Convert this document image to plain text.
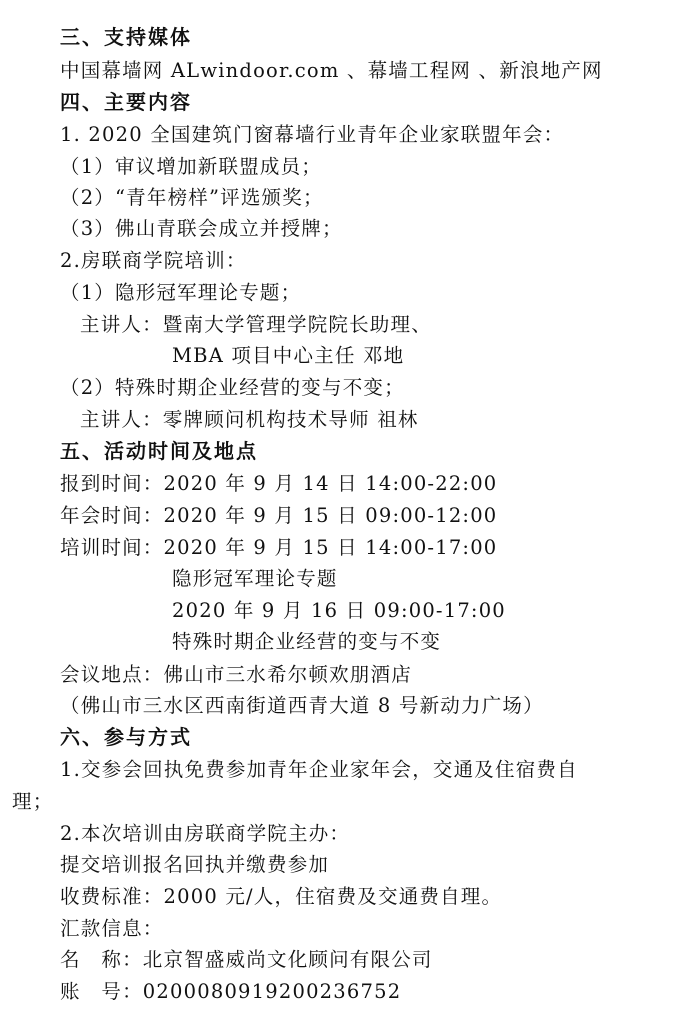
三、支持媒体
中国幕墙网 ALwindoor.com 、幕墙工程网 、新浪地产网
四、主要内容
1. 2020 全国建筑门窗幕墙行业青年企业家联盟年会：
（1）审议增加新联盟成员；
（2）“青年榜样”评选颁奖；
（3）佛山青联会成立并授牌；
2.房联商学院培训：
（1）隐形冠军理论专题；
主讲人：暨南大学管理学院院长助理、
MBA 项目中心主任 邓地
（2）特殊时期企业经营的变与不变；
主讲人：零牌顾问机构技术导师 祖林
五、活动时间及地点
报到时间：2020 年 9 月 14 日 14:00-22:00
年会时间：2020 年 9 月 15 日 09:00-12:00
培训时间：2020 年 9 月 15 日 14:00-17:00
隐形冠军理论专题
2020 年 9 月 16 日 09:00-17:00
特殊时期企业经营的变与不变
会议地点：佛山市三水希尔顿欢朋酒店
（佛山市三水区西南街道西青大道 8 号新动力广场）
六、参与方式
1.交参会回执免费参加青年企业家年会，交通及住宿费自
理；
2.本次培训由房联商学院主办：
提交培训报名回执并缴费参加
收费标准：2000 元/人，住宿费及交通费自理。
汇款信息：
名　称：北京智盛威尚文化顾问有限公司
账　号：0200080919200236752
